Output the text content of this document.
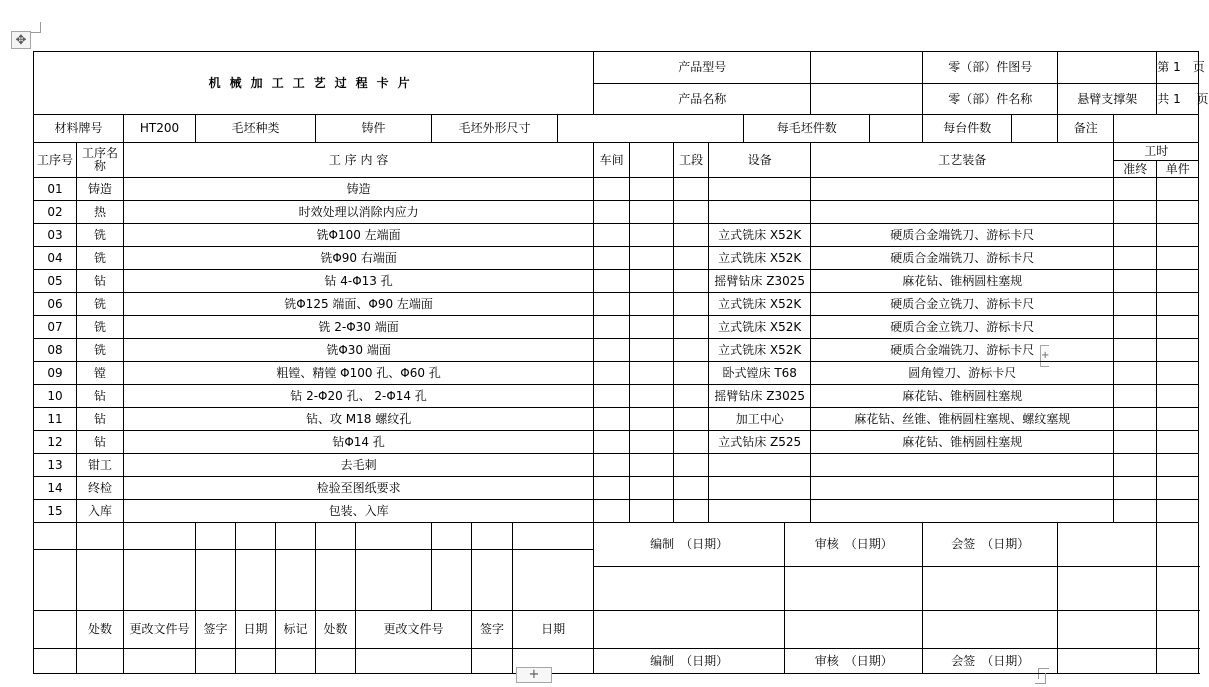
✥
+
机械加工工艺过程卡片												产品型号								零（部）件图号				第 1　页
												产品名称								零（部）件名称		悬臂支撑架		共 1　 页
材料牌号		HT200	毛坯种类			铸件		毛坯外形尺寸								每毛坯件数				每台件数		备注		
工序号	工序名称	工 序 内 容										车间		工段	设备			工艺装备					工时	
																							准终	单件
01	铸造	铸造																						
02	热	时效处理以消除内应力																						
03	铣	铣Φ100 左端面													立式铣床 X52K			硬质合金端铣刀、游标卡尺						
04	铣	铣Φ90 右端面													立式铣床 X52K			硬质合金端铣刀、游标卡尺						
05	钻	钻 4-Φ13 孔													摇臂钻床 Z3025			麻花钻、锥柄圆柱塞规						
06	铣	铣Φ125 端面、Φ90 左端面													立式铣床 X52K			硬质合金立铣刀、游标卡尺						
07	铣	铣 2-Φ30 端面													立式铣床 X52K			硬质合金立铣刀、游标卡尺						
08	铣	铣Φ30 端面													立式铣床 X52K			硬质合金端铣刀、游标卡尺						
09	镗	粗镗、精镗 Φ100 孔、Φ60 孔													卧式镗床 T68			圆角镗刀、游标卡尺						
10	钻	钻 2-Φ20 孔、 2-Φ14 孔													摇臂钻床 Z3025			麻花钻、锥柄圆柱塞规						
11	钻	钻、攻 M18 螺纹孔													加工中心			麻花钻、丝锥、锥柄圆柱塞规、螺纹塞规						
12	钻	钻Φ14 孔													立式钻床 Z525			麻花钻、锥柄圆柱塞规						
13	钳工	去毛刺																						
14	终检	检验至图纸要求																						
15	入库	包装、入库																						
												编制　（日期）					审核　（日期）			会签　（日期）				

	处数	更改文件号	签字	日期	标记	处数	更改文件号		签字	日期														
												编制　（日期）					审核　（日期）			会签　（日期）				
+
